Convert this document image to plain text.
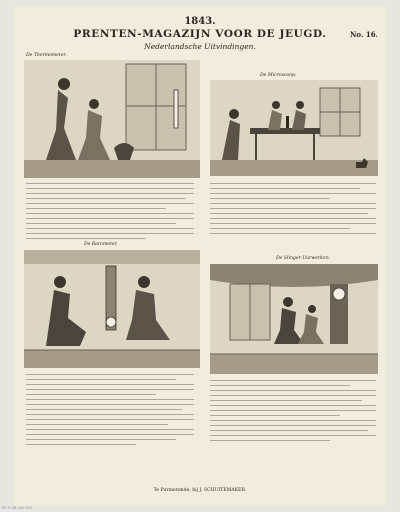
1843.
PRENTEN-MAGAZIJN VOOR DE JEUGD.	No. 16.
Nederlandsche Uitvindingen.
De Thermometer.
De Microscoop.
De Barometer.
De Slinger-Uurwerken.
Te Purmerende, bij J. SCHUITEMAKER.
RP-P-OB-200.302
